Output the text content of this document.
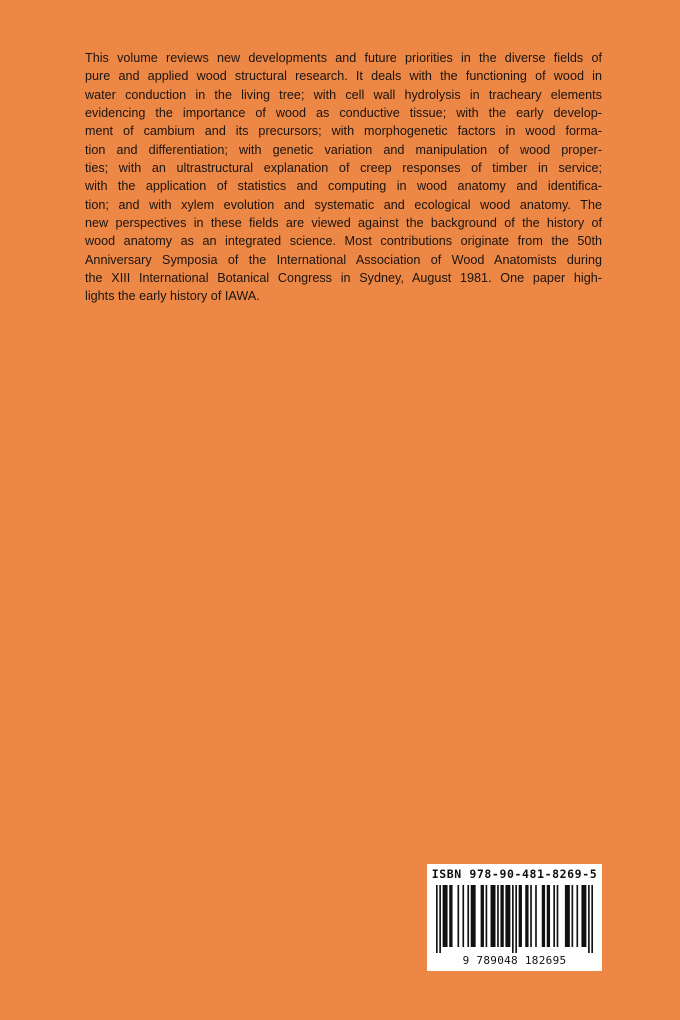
This volume reviews new developments and future priorities in the diverse fields of
pure and applied wood structural research. It deals with the functioning of wood in
water conduction in the living tree; with cell wall hydrolysis in tracheary elements
evidencing the importance of wood as conductive tissue; with the early develop-
ment of cambium and its precursors; with morphogenetic factors in wood forma-
tion and differentiation; with genetic variation and manipulation of wood proper-
ties; with an ultrastructural explanation of creep responses of timber in service;
with the application of statistics and computing in wood anatomy and identifica-
tion; and with xylem evolution and systematic and ecological wood anatomy. The
new perspectives in these fields are viewed against the background of the history of
wood anatomy as an integrated science. Most contributions originate from the 50th
Anniversary Symposia of the International Association of Wood Anatomists during
the XIII International Botanical Congress in Sydney, August 1981. One paper high-
lights the early history of IAWA.
ISBN 978-90-481-8269-5
9 789048 182695
